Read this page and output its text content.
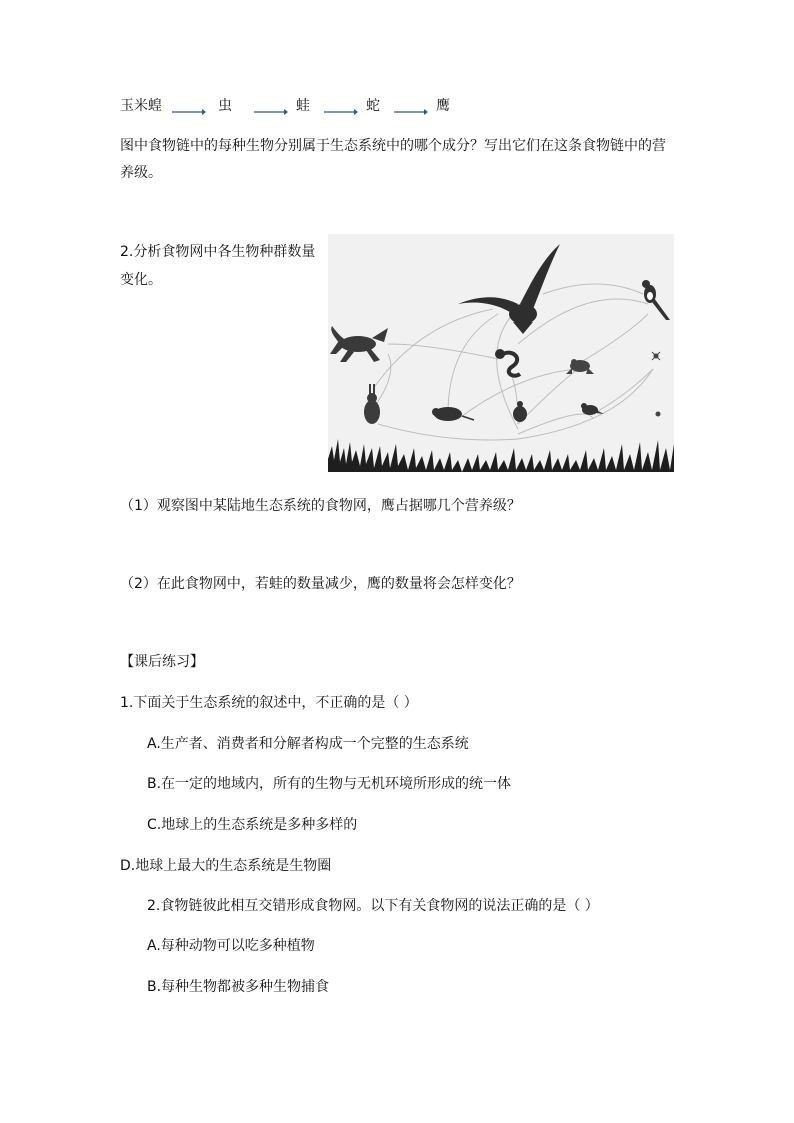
玉米蝗	虫	蛙	蛇	鹰
图中食物链中的每种生物分别属于生态系统中的哪个成分？写出它们在这条食物链中的营
养级。
2.分析食物网中各生物种群数量
变化。
（1）观察图中某陆地生态系统的食物网，鹰占据哪几个营养级？
（2）在此食物网中，若蛙的数量减少，鹰的数量将会怎样变化？
【课后练习】
1.下面关于生态系统的叙述中，不正确的是（ ）
A.生产者、消费者和分解者构成一个完整的生态系统
B.在一定的地域内，所有的生物与无机环境所形成的统一体
C.地球上的生态系统是多种多样的
D.地球上最大的生态系统是生物圈
2.食物链彼此相互交错形成食物网。以下有关食物网的说法正确的是（ ）
A.每种动物可以吃多种植物
B.每种生物都被多种生物捕食
